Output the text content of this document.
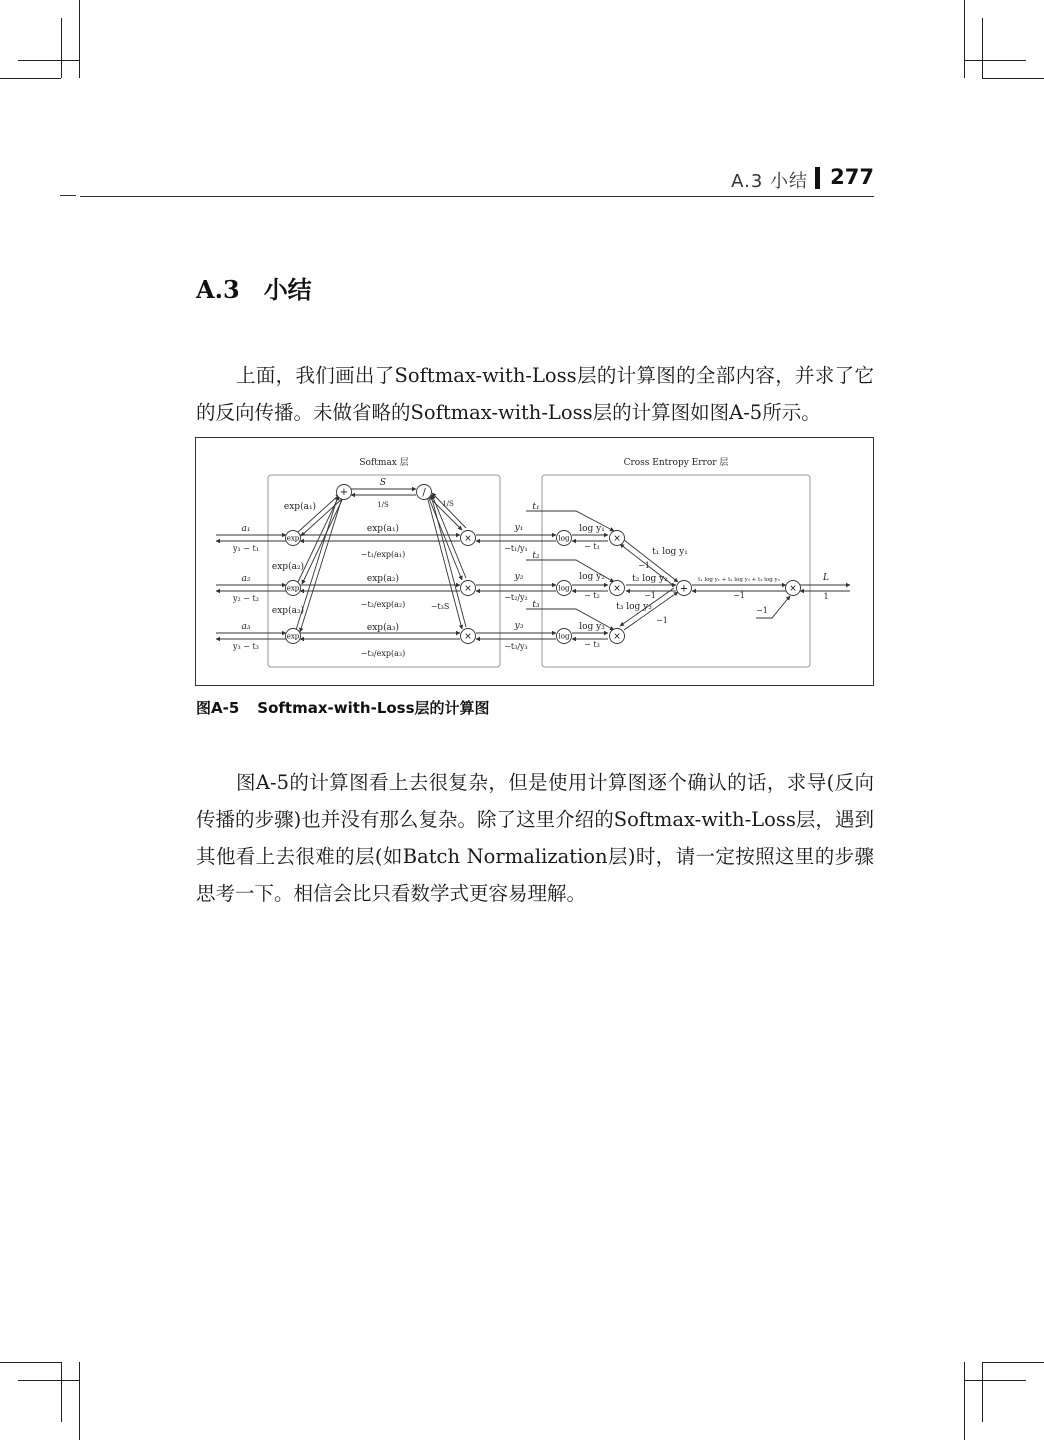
A.3 小结 277
A.3 小结

上面，我们画出了Softmax-with-Loss层的计算图的全部内容，并求了它的反向传播。未做省略的Softmax-with-Loss层的计算图如图A-5所示。

Softmax 层	Cross Entropy Error 层
exp
exp
exp
+	/
×
×
×
log
log
log
×
×
×
+	×
a₁
y₁ − t₁
a₂
y₂ − t₂
a₃
y₃ − t₃
exp(a₁)
exp(a₂)
exp(a₃)
S
1/S	1/S
exp(a₁)
−t₁/exp(a₁)
exp(a₂)
−t₂/exp(a₂)
exp(a₃)
−t₃/exp(a₃)
−t₃S
y₁
−t₁/y₁
y₂
−t₂/y₂
y₃
−t₃/y₃
t₁
t₂
t₃
log y₁
− t₁
log y₂
− t₂
log y₃
− t₃
t₁ log y₁
t₂ log y₂
t₃ log y₃
−1
−1
−1
t₁ log y₁ + t₂ log y₂ + t₃ log y₃
−1
−1
L
1
图A-5 Softmax-with-Loss层的计算图

图A-5的计算图看上去很复杂，但是使用计算图逐个确认的话，求导(反向传播的步骤)也并没有那么复杂。除了这里介绍的Softmax-with-Loss层，遇到其他看上去很难的层(如Batch Normalization层)时，请一定按照这里的步骤思考一下。相信会比只看数学式更容易理解。
